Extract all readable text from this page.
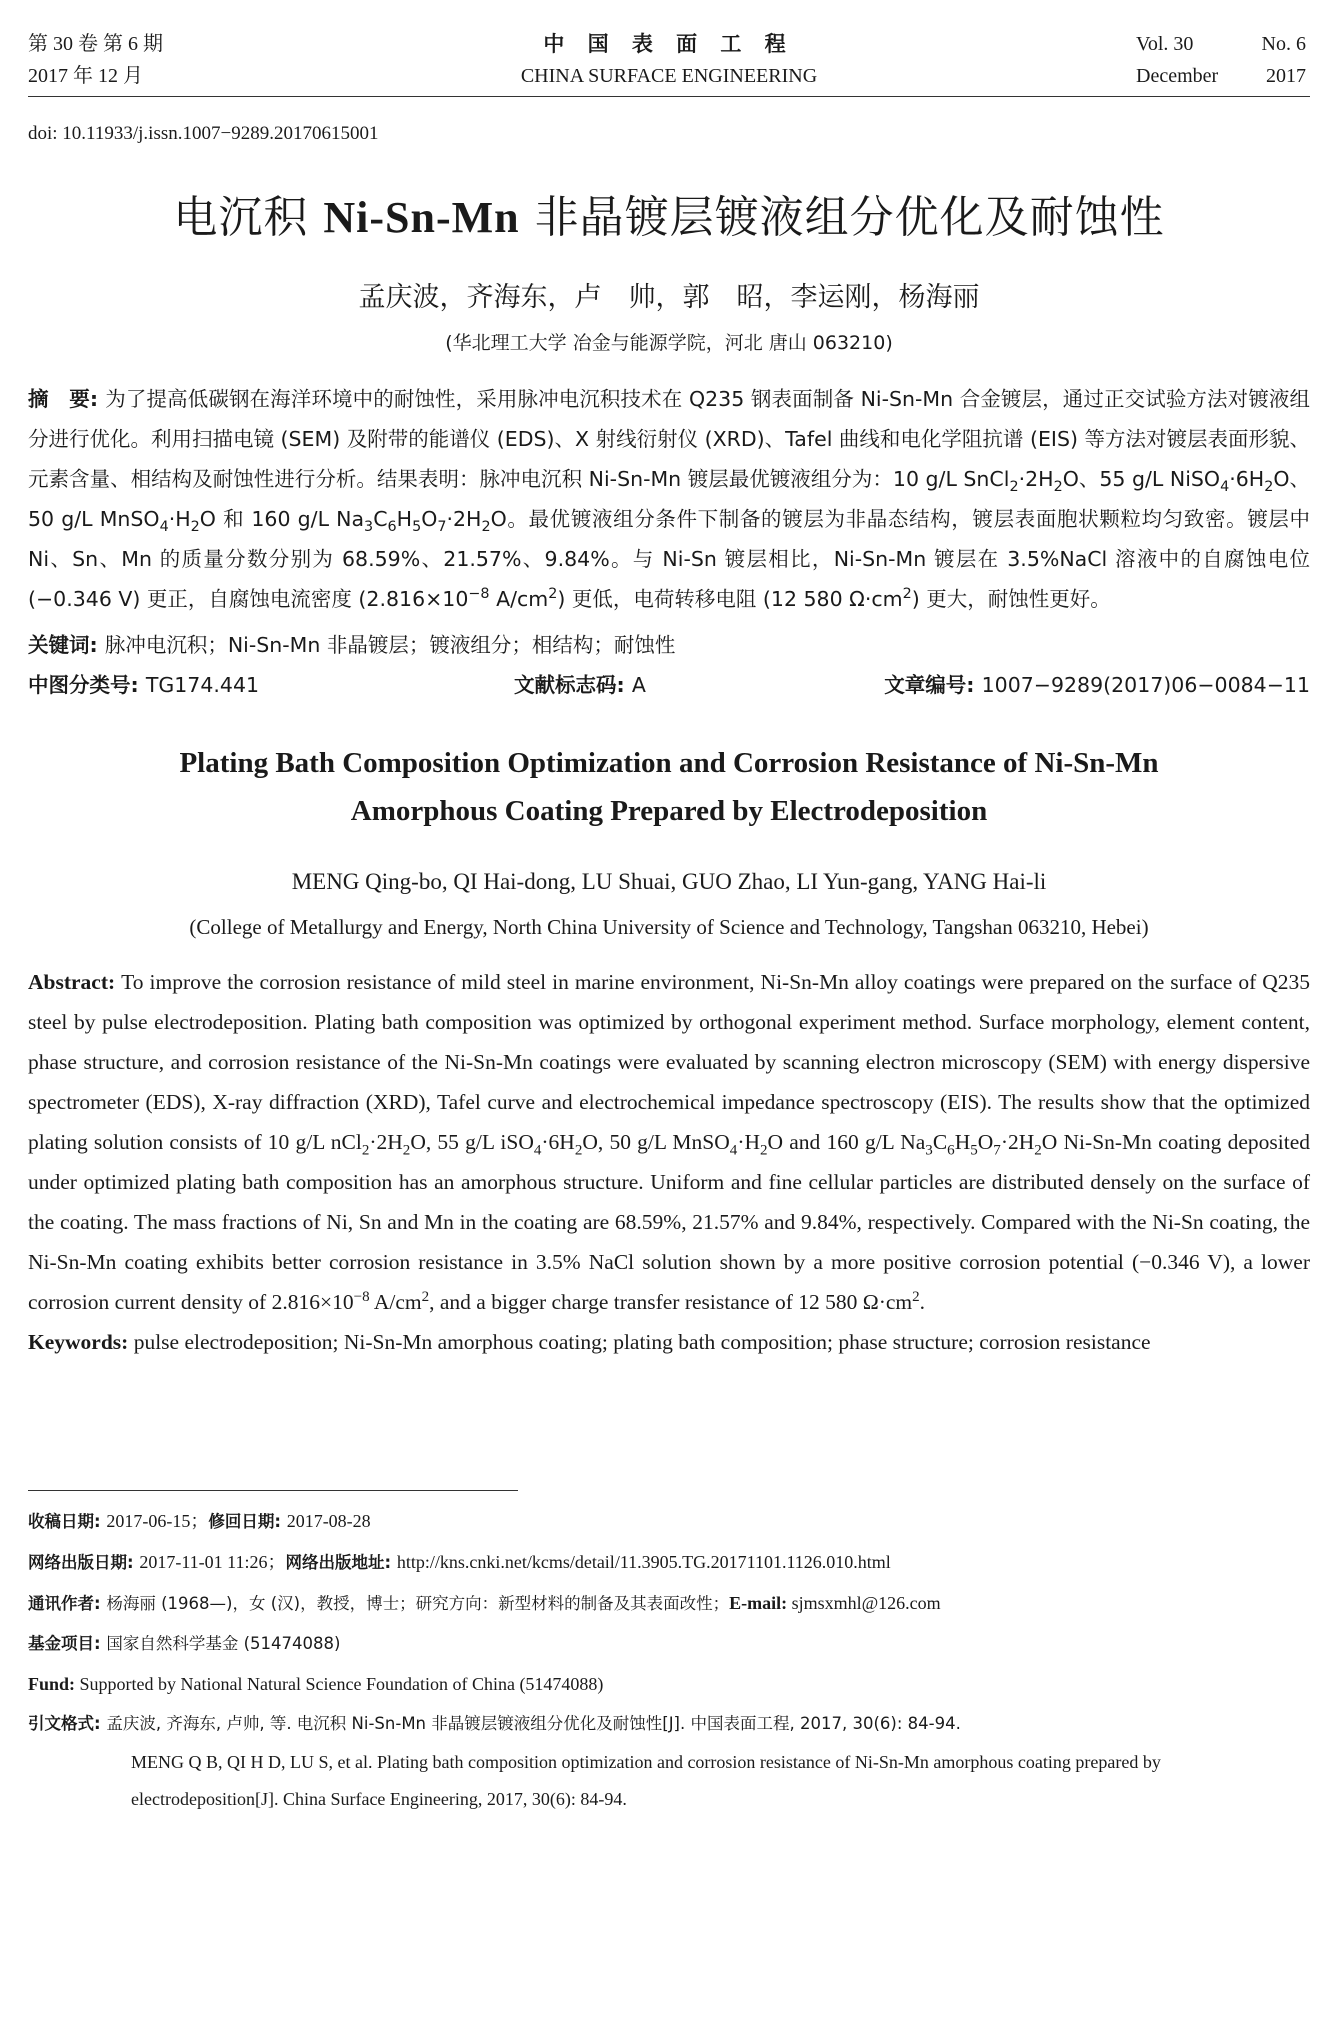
第 30 卷 第 6 期
2017 年 12 月
中 国 表 面 工 程
CHINA SURFACE ENGINEERING
Vol. 30	No. 6
December	2017
doi: 10.11933/j.issn.1007−9289.20170615001
电沉积 Ni-Sn-Mn 非晶镀层镀液组分优化及耐蚀性
孟庆波，齐海东，卢　帅，郭　昭，李运刚，杨海丽
(华北理工大学 冶金与能源学院，河北 唐山 063210)
摘　要: 为了提高低碳钢在海洋环境中的耐蚀性，采用脉冲电沉积技术在 Q235 钢表面制备 Ni-Sn-Mn 合金镀层，通过正交试验方法对镀液组分进行优化。利用扫描电镜 (SEM) 及附带的能谱仪 (EDS)、X 射线衍射仪 (XRD)、Tafel 曲线和电化学阻抗谱 (EIS) 等方法对镀层表面形貌、元素含量、相结构及耐蚀性进行分析。结果表明：脉冲电沉积 Ni-Sn-Mn 镀层最优镀液组分为：10 g/L $SnCl_2\cdot 2H_2O$、55 g/L $NiSO_4\cdot 6H_2O$、50 g/L $MnSO_4\cdot H_2O$ 和 160 g/L $Na_3C_6H_5O_7\cdot 2H_2O$。最优镀液组分条件下制备的镀层为非晶态结构，镀层表面胞状颗粒均匀致密。镀层中 Ni、Sn、Mn 的质量分数分别为 68.59%、21.57%、9.84%。与 Ni-Sn 镀层相比，Ni-Sn-Mn 镀层在 3.5%NaCl 溶液中的自腐蚀电位 (−0.346 V) 更正，自腐蚀电流密度 ($2.816\times 10^{-8}$ $A/cm^2$) 更低，电荷转移电阻 (12 580 $\Omega\cdot cm^2$) 更大，耐蚀性更好。
关键词: 脉冲电沉积；Ni-Sn-Mn 非晶镀层；镀液组分；相结构；耐蚀性
中图分类号: TG174.441	文献标志码: A	文章编号: 1007−9289(2017)06−0084−11
Plating Bath Composition Optimization and Corrosion Resistance of Ni-Sn-Mn
Amorphous Coating Prepared by Electrodeposition
MENG Qing-bo, QI Hai-dong, LU Shuai, GUO Zhao, LI Yun-gang, YANG Hai-li
(College of Metallurgy and Energy, North China University of Science and Technology, Tangshan 063210, Hebei)
Abstract: To improve the corrosion resistance of mild steel in marine environment, Ni-Sn-Mn alloy coatings were prepared on the surface of Q235 steel by pulse electrodeposition. Plating bath composition was optimized by orthogonal experiment method. Surface morphology, element content, phase structure, and corrosion resistance of the Ni-Sn-Mn coatings were evaluated by scanning electron microscopy (SEM) with energy dispersive spectrometer (EDS), X-ray diffraction (XRD), Tafel curve and electrochemical impedance spectroscopy (EIS). The results show that the optimized plating solution consists of 10 g/L $nCl_2\cdot 2H_2O$, 55 g/L $iSO_4\cdot 6H_2O$, 50 g/L $MnSO_4\cdot H_2O$ and 160 g/L $Na_3C_6H_5O_7\cdot 2H_2O$ Ni-Sn-Mn coating deposited under optimized plating bath composition has an amorphous structure. Uniform and fine cellular particles are distributed densely on the surface of the coating. The mass fractions of Ni, Sn and Mn in the coating are 68.59%, 21.57% and 9.84%, respectively. Compared with the Ni-Sn coating, the Ni-Sn-Mn coating exhibits better corrosion resistance in 3.5% NaCl solution shown by a more positive corrosion potential (−0.346 V), a lower corrosion current density of $2.816\times 10^{-8}$ $A/cm^2$, and a bigger charge transfer resistance of 12 580 $\Omega\cdot cm^2$.
Keywords: pulse electrodeposition; Ni-Sn-Mn amorphous coating; plating bath composition; phase structure; corrosion resistance
收稿日期: 2017-06-15；修回日期: 2017-08-28
网络出版日期: 2017-11-01 11:26；网络出版地址: http://kns.cnki.net/kcms/detail/11.3905.TG.20171101.1126.010.html
通讯作者: 杨海丽 (1968—)，女 (汉)，教授，博士；研究方向：新型材料的制备及其表面改性；E-mail: sjmsxmhl@126.com
基金项目: 国家自然科学基金 (51474088)
Fund: Supported by National Natural Science Foundation of China (51474088)
引文格式: 孟庆波, 齐海东, 卢帅, 等. 电沉积 Ni-Sn-Mn 非晶镀层镀液组分优化及耐蚀性[J]. 中国表面工程, 2017, 30(6): 84-94.
MENG Q B, QI H D, LU S, et al. Plating bath composition optimization and corrosion resistance of Ni-Sn-Mn amorphous coating prepared by electrodeposition[J]. China Surface Engineering, 2017, 30(6): 84-94.
